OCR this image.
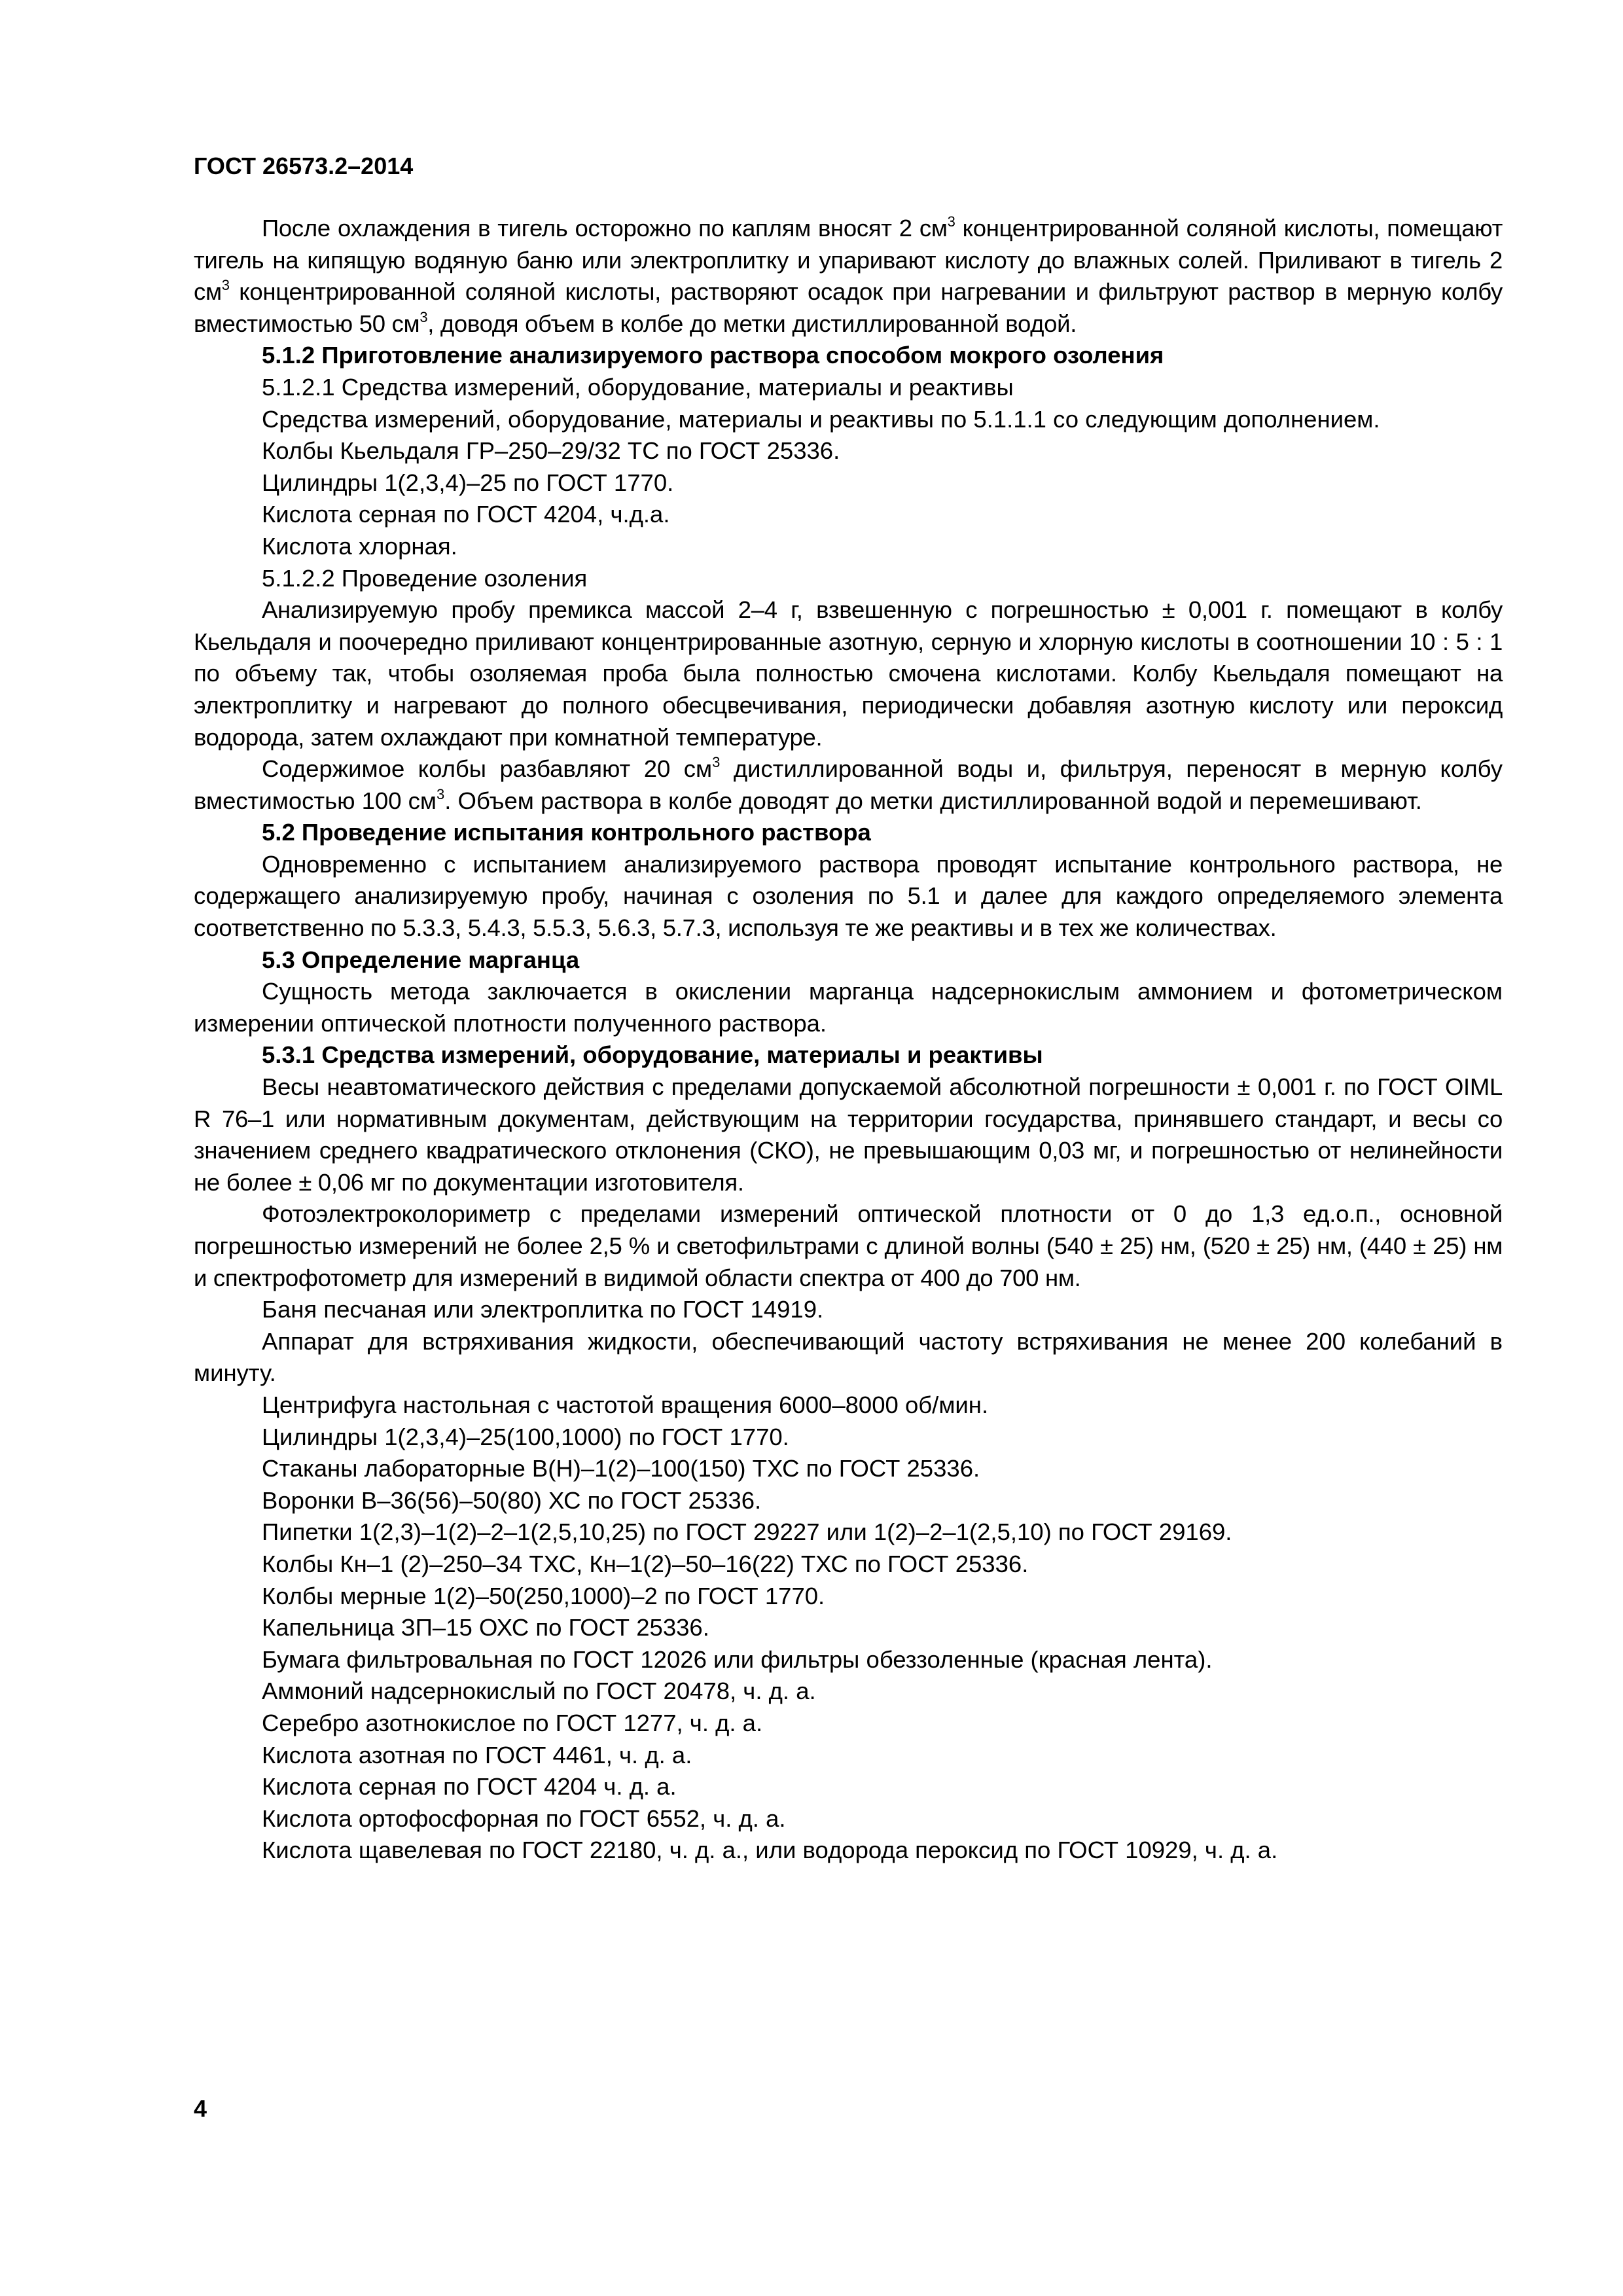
ГОСТ 26573.2–2014

После охлаждения в тигель осторожно по каплям вносят 2 $см^3$ концентрированной соляной кислоты, помещают тигель на кипящую водяную баню или электроплитку и упаривают кислоту до влажных солей. Приливают в тигель 2 $см^3$ концентрированной соляной кислоты, растворяют осадок при нагревании и фильтруют раствор в мерную колбу вместимостью 50 $см^3$, доводя объем в колбе до метки дистиллированной водой.

5.1.2 Приготовление анализируемого раствора способом мокрого озоления

5.1.2.1 Средства измерений, оборудование, материалы и реактивы

Средства измерений, оборудование, материалы и реактивы по 5.1.1.1 со следующим дополнением.

Колбы Кьельдаля ГР–250–29/32 ТС по ГОСТ 25336.

Цилиндры 1(2,3,4)–25 по ГОСТ 1770.

Кислота серная по ГОСТ 4204, ч.д.а.

Кислота хлорная.

5.1.2.2 Проведение озоления

Анализируемую пробу премикса массой 2–4 г, взвешенную с погрешностью ± 0,001 г. помещают в колбу Кьельдаля и поочередно приливают концентрированные азотную, серную и хлорную кислоты в соотношении 10 : 5 : 1 по объему так, чтобы озоляемая проба была полностью смочена кислотами. Колбу Кьельдаля помещают на электроплитку и нагревают до полного обесцвечивания, периодически добавляя азотную кислоту или пероксид водорода, затем охлаждают при комнатной температуре.

Содержимое колбы разбавляют 20 $см^3$ дистиллированной воды и, фильтруя, переносят в мерную колбу вместимостью 100 $см^3$. Объем раствора в колбе доводят до метки дистиллированной водой и перемешивают.

5.2 Проведение испытания контрольного раствора

Одновременно с испытанием анализируемого раствора проводят испытание контрольного раствора, не содержащего анализируемую пробу, начиная с озоления по 5.1 и далее для каждого определяемого элемента соответственно по 5.3.3, 5.4.3, 5.5.3, 5.6.3, 5.7.3, используя те же реактивы и в тех же количествах.

5.3 Определение марганца

Сущность метода заключается в окислении марганца надсернокислым аммонием и фотометрическом измерении оптической плотности полученного раствора.

5.3.1 Средства измерений, оборудование, материалы и реактивы

Весы неавтоматического действия с пределами допускаемой абсолютной погрешности ± 0,001 г. по ГОСТ OIML R 76–1 или нормативным документам, действующим на территории государства, принявшего стандарт, и весы со значением среднего квадратического отклонения (СКО), не превышающим 0,03 мг, и погрешностью от нелинейности не более ± 0,06 мг по документации изготовителя.

Фотоэлектроколориметр с пределами измерений оптической плотности от 0 до 1,3 ед.о.п., основной погрешностью измерений не более 2,5 % и светофильтрами с длиной волны (540 ± 25) нм, (520 ± 25) нм, (440 ± 25) нм и спектрофотометр для измерений в видимой области спектра от 400 до 700 нм.

Баня песчаная или электроплитка по ГОСТ 14919.

Аппарат для встряхивания жидкости, обеспечивающий частоту встряхивания не менее 200 колебаний в минуту.

Центрифуга настольная с частотой вращения 6000–8000 об/мин.

Цилиндры 1(2,3,4)–25(100,1000) по ГОСТ 1770.

Стаканы лабораторные В(Н)–1(2)–100(150) ТХС по ГОСТ 25336.

Воронки В–36(56)–50(80) ХС по ГОСТ 25336.

Пипетки 1(2,3)–1(2)–2–1(2,5,10,25) по ГОСТ 29227 или 1(2)–2–1(2,5,10) по ГОСТ 29169.

Колбы Кн–1 (2)–250–34 ТХС, Кн–1(2)–50–16(22) ТХС по ГОСТ 25336.

Колбы мерные 1(2)–50(250,1000)–2 по ГОСТ 1770.

Капельница ЗП–15 ОХС по ГОСТ 25336.

Бумага фильтровальная по ГОСТ 12026 или фильтры обеззоленные (красная лента).

Аммоний надсернокислый по ГОСТ 20478, ч. д. а.

Серебро азотнокислое по ГОСТ 1277, ч. д. а.

Кислота азотная по ГОСТ 4461, ч. д. а.

Кислота серная по ГОСТ 4204 ч. д. а.

Кислота ортофосфорная по ГОСТ 6552, ч. д. а.

Кислота щавелевая по ГОСТ 22180, ч. д. а., или водорода пероксид по ГОСТ 10929, ч. д. а.

4
